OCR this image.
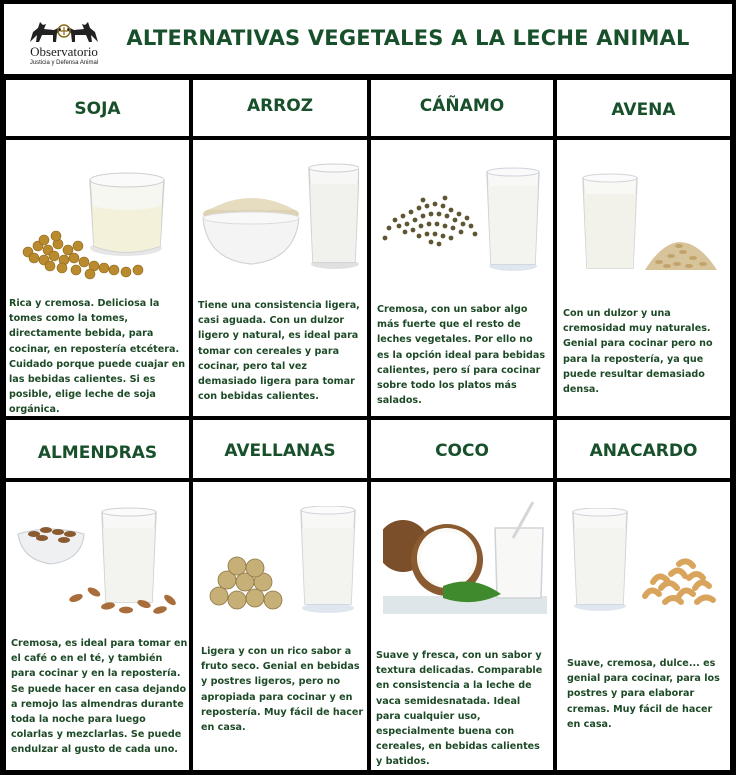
Observatorio
Justicia y Defensa Animal
ALTERNATIVAS VEGETALES A LA LECHE ANIMAL
SOJA	ARROZ	CÁÑAMO	AVENA
Rica y cremosa. Deliciosa la tomes como la tomes, directamente bebida, para cocinar, en repostería etcétera. Cuidado porque puede cuajar en las bebidas calientes. Si es posible, elige leche de soja orgánica.
Tiene una consistencia ligera, casi aguada. Con un dulzor ligero y natural, es ideal para tomar con cereales y para cocinar, pero tal vez demasiado ligera para tomar con bebidas calientes.
Cremosa, con un sabor algo más fuerte que el resto de leches vegetales. Por ello no es la opción ideal para bebidas calientes, pero sí para cocinar sobre todo los platos más salados.
Con un dulzor y una cremosidad muy naturales. Genial para cocinar pero no para la repostería, ya que puede resultar demasiado densa.
ALMENDRAS	AVELLANAS	COCO	ANACARDO
Cremosa, es ideal para tomar en el café o en el té, y también para cocinar y en la repostería. Se puede hacer en casa dejando a remojo las almendras durante toda la noche para luego colarlas y mezclarlas. Se puede endulzar al gusto de cada uno.
Ligera y con un rico sabor a fruto seco. Genial en bebidas y postres ligeros, pero no apropiada para cocinar y en repostería. Muy fácil de hacer en casa.
Suave y fresca, con un sabor y textura delicadas. Comparable en consistencia a la leche de vaca semidesnatada. Ideal para cualquier uso, especialmente buena con cereales, en bebidas calientes y batidos.
Suave, cremosa, dulce... es genial para cocinar, para los postres y para elaborar cremas. Muy fácil de hacer en casa.
